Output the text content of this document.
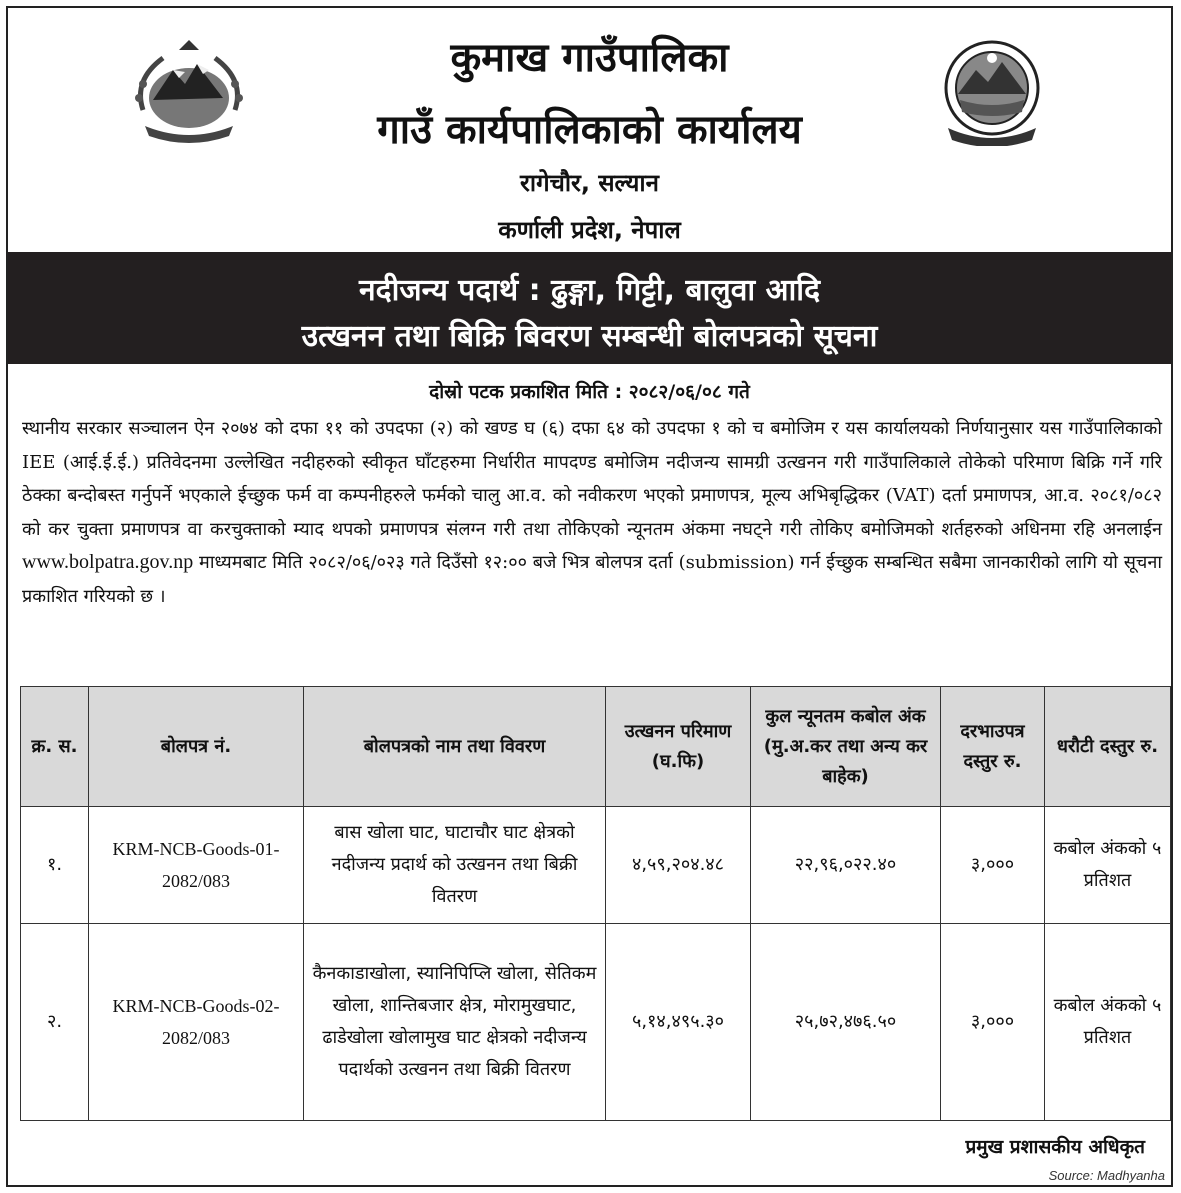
कुमाख गाउँपालिका
गाउँ कार्यपालिकाको कार्यालय
रागेचौर, सल्यान
कर्णाली प्रदेश, नेपाल
नदीजन्य पदार्थ : ढुङ्गा, गिट्टी, बालुवा आदि
उत्खनन तथा बिक्रि बिवरण सम्बन्धी बोलपत्रको सूचना
दोस्रो पटक प्रकाशित मिति : २०८२/०६/०८ गते
स्थानीय सरकार सञ्चालन ऐन २०७४ को दफा ११ को उपदफा (२) को खण्ड घ (६) दफा ६४ को उपदफा १ को च बमोजिम र यस कार्यालयको निर्णयानुसार यस गाउँपालिकाको IEE (आई.ई.ई.) प्रतिवेदनमा उल्लेखित नदीहरुको स्वीकृत घाँटहरुमा निर्धारीत मापदण्ड बमोजिम नदीजन्य सामग्री उत्खनन गरी गाउँपालिकाले तोकेको परिमाण बिक्रि गर्ने गरि ठेक्का बन्दोबस्त गर्नुपर्ने भएकाले ईच्छुक फर्म वा कम्पनीहरुले फर्मको चालु आ.व. को नवीकरण भएको प्रमाणपत्र, मूल्य अभिबृद्धिकर (VAT) दर्ता प्रमाणपत्र, आ.व. २०८१/०८२ को कर चुक्ता प्रमाणपत्र वा करचुक्ताको म्याद थपको प्रमाणपत्र संलग्न गरी तथा तोकिएको न्यूनतम अंकमा नघट्ने गरी तोकिए बमोजिमको शर्तहरुको अधिनमा रहि अनलाईन www.bolpatra.gov.np माध्यमबाट मिति २०८२/०६/०२३ गते दिउँसो १२:०० बजे भित्र बोलपत्र दर्ता (submission) गर्न ईच्छुक सम्बन्धित सबैमा जानकारीको लागि यो सूचना प्रकाशित गरियको छ ।
क्र. स.	बोलपत्र नं.	बोलपत्रको नाम तथा विवरण	उत्खनन परिमाण (घ.फि)	कुल न्यूनतम कबोल अंक (मु.अ.कर तथा अन्य कर बाहेक)	दरभाउपत्र दस्तुर रु.	धरौटी दस्तुर रु.
१.	KRM-NCB-Goods-01-2082/083	बास खोला घाट, घाटाचौर घाट क्षेत्रको नदीजन्य प्रदार्थ को उत्खनन तथा बिक्री वितरण	४,५९,२०४.४८	२२,९६,०२२.४०	३,०००	कबोल अंकको ५ प्रतिशत
२.	KRM-NCB-Goods-02-2082/083	कैनकाडाखोला, स्यानिपिप्लि खोला, सेतिकम खोला, शान्तिबजार क्षेत्र, मोरामुखघाट, ढाडेखोला खोलामुख घाट क्षेत्रको नदीजन्य पदार्थको उत्खनन तथा बिक्री वितरण	५,१४,४९५.३०	२५,७२,४७६.५०	३,०००	कबोल अंकको ५ प्रतिशत
प्रमुख प्रशासकीय अधिकृत
Source: Madhyanha
